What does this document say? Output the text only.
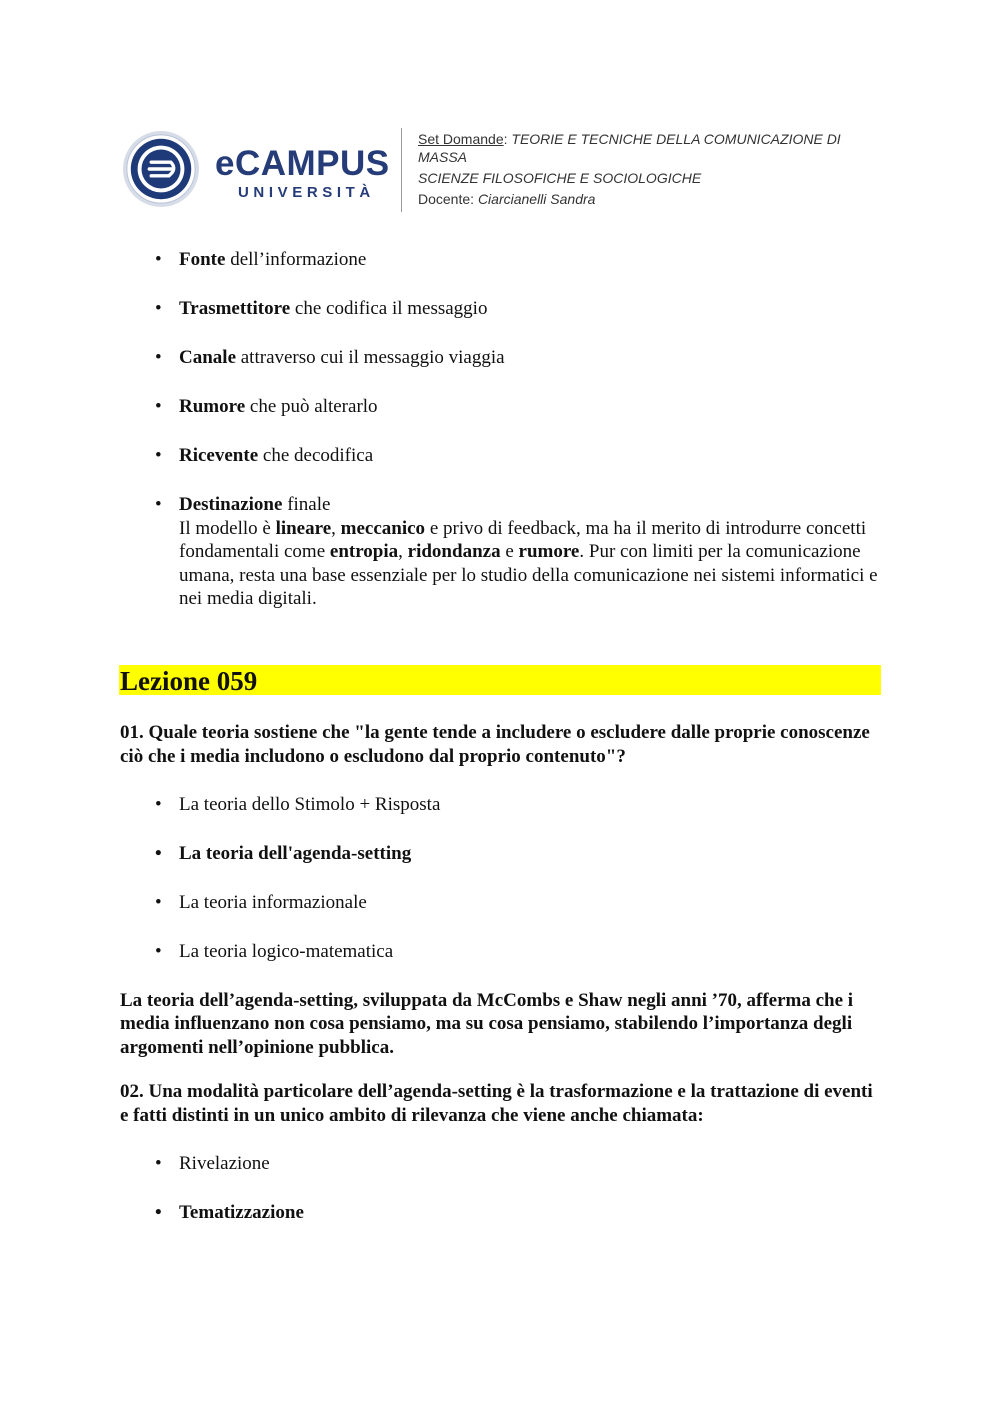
eCAMPUS
UNIVERSITÀ
Set Domande: TEORIE E TECNICHE DELLA COMUNICAZIONE DI
MASSA
SCIENZE FILOSOFICHE E SOCIOLOGICHE
Docente: Ciarcianelli Sandra
• Fonte dell’informazione
• Trasmettitore che codifica il messaggio
• Canale attraverso cui il messaggio viaggia
• Rumore che può alterarlo
• Ricevente che decodifica
• Destinazione finale
Il modello è lineare, meccanico e privo di feedback, ma ha il merito di introdurre concetti fondamentali come entropia, ridondanza e rumore. Pur con limiti per la comunicazione umana, resta una base essenziale per lo studio della comunicazione nei sistemi informatici e nei media digitali.
Lezione 059
01. Quale teoria sostiene che "la gente tende a includere o escludere dalle proprie conoscenze ciò che i media includono o escludono dal proprio contenuto"?
• La teoria dello Stimolo + Risposta
• La teoria dell'agenda-setting
• La teoria informazionale
• La teoria logico-matematica
La teoria dell’agenda-setting, sviluppata da McCombs e Shaw negli anni ’70, afferma che i media influenzano non cosa pensiamo, ma su cosa pensiamo, stabilendo l’importanza degli argomenti nell’opinione pubblica.
02. Una modalità particolare dell’agenda-setting è la trasformazione e la trattazione di eventi e fatti distinti in un unico ambito di rilevanza che viene anche chiamata:
• Rivelazione
• Tematizzazione
